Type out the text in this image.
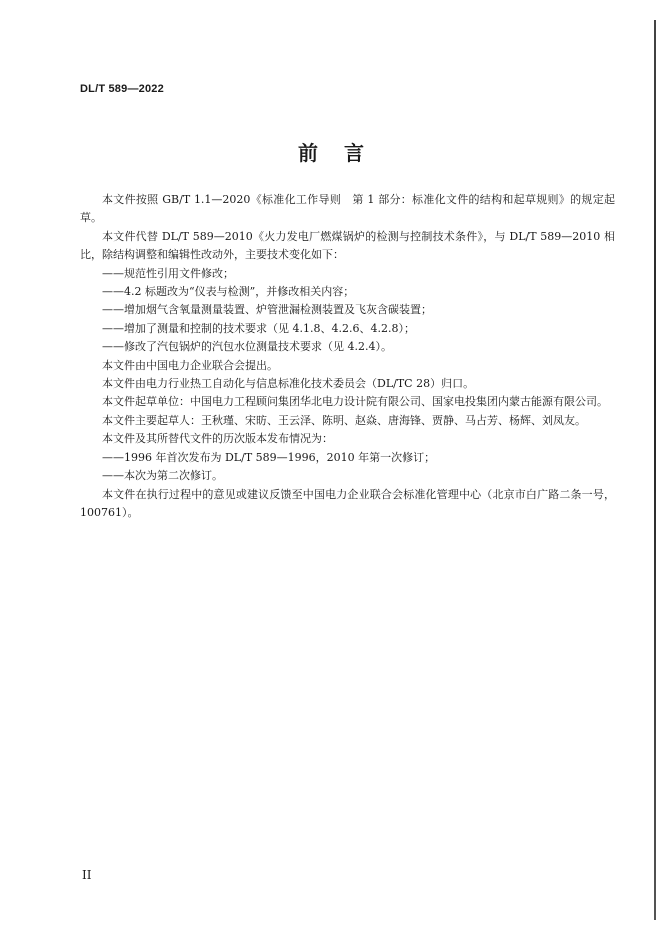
DL/T 589—2022
前言

本文件按照 GB/T 1.1—2020《标准化工作导则　第 1 部分：标准化文件的结构和起草规则》的规定起草。

本文件代替 DL/T 589—2010《火力发电厂燃煤锅炉的检测与控制技术条件》，与 DL/T 589—2010 相比，除结构调整和编辑性改动外，主要技术变化如下：

——规范性引用文件修改；

——4.2 标题改为“仪表与检测”，并修改相关内容；

——增加烟气含氧量测量装置、炉管泄漏检测装置及飞灰含碳装置；

——增加了测量和控制的技术要求（见 4.1.8、4.2.6、4.2.8）；

——修改了汽包锅炉的汽包水位测量技术要求（见 4.2.4）。

本文件由中国电力企业联合会提出。

本文件由电力行业热工自动化与信息标准化技术委员会（DL/TC 28）归口。

本文件起草单位：中国电力工程顾问集团华北电力设计院有限公司、国家电投集团内蒙古能源有限公司。

本文件主要起草人：王秋瑾、宋昉、王云泽、陈明、赵焱、唐海锋、贾静、马占芳、杨辉、刘凤友。

本文件及其所替代文件的历次版本发布情况为：

——1996 年首次发布为 DL/T 589—1996，2010 年第一次修订；

——本次为第二次修订。

本文件在执行过程中的意见或建议反馈至中国电力企业联合会标准化管理中心（北京市白广路二条一号，100761）。

II
